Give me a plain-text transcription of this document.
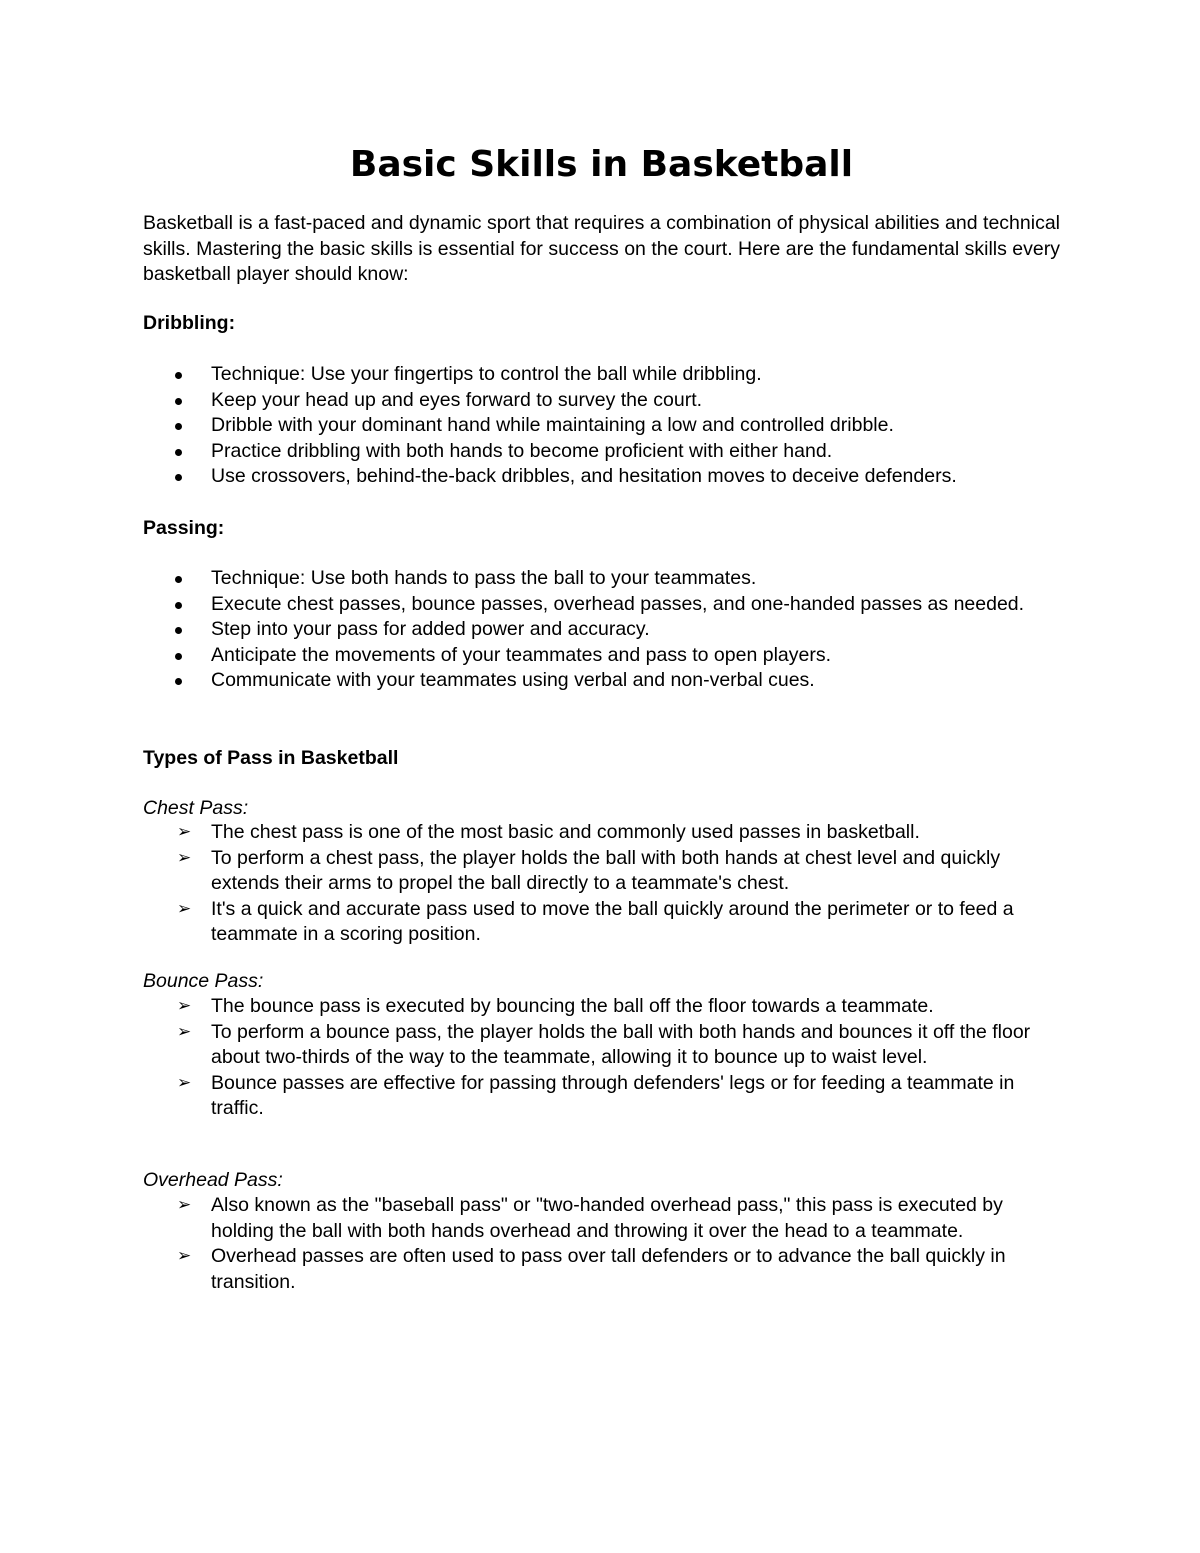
Basic Skills in Basketball

Basketball is a fast-paced and dynamic sport that requires a combination of physical abilities and technical skills. Mastering the basic skills is essential for success on the court. Here are the fundamental skills every basketball player should know:

Dribbling:
Technique: Use your fingertips to control the ball while dribbling.
Keep your head up and eyes forward to survey the court.
Dribble with your dominant hand while maintaining a low and controlled dribble.
Practice dribbling with both hands to become proficient with either hand.
Use crossovers, behind-the-back dribbles, and hesitation moves to deceive defenders.
Passing:
Technique: Use both hands to pass the ball to your teammates.
Execute chest passes, bounce passes, overhead passes, and one-handed passes as needed.
Step into your pass for added power and accuracy.
Anticipate the movements of your teammates and pass to open players.
Communicate with your teammates using verbal and non-verbal cues.
Types of Pass in Basketball
Chest Pass:
➢ The chest pass is one of the most basic and commonly used passes in basketball.
➢ To perform a chest pass, the player holds the ball with both hands at chest level and quickly extends their arms to propel the ball directly to a teammate's chest.
➢ It's a quick and accurate pass used to move the ball quickly around the perimeter or to feed a teammate in a scoring position.
Bounce Pass:
➢ The bounce pass is executed by bouncing the ball off the floor towards a teammate.
➢ To perform a bounce pass, the player holds the ball with both hands and bounces it off the floor about two-thirds of the way to the teammate, allowing it to bounce up to waist level.
➢ Bounce passes are effective for passing through defenders' legs or for feeding a teammate in traffic.
Overhead Pass:
➢ Also known as the "baseball pass" or "two-handed overhead pass," this pass is executed by holding the ball with both hands overhead and throwing it over the head to a teammate.
➢ Overhead passes are often used to pass over tall defenders or to advance the ball quickly in transition.
